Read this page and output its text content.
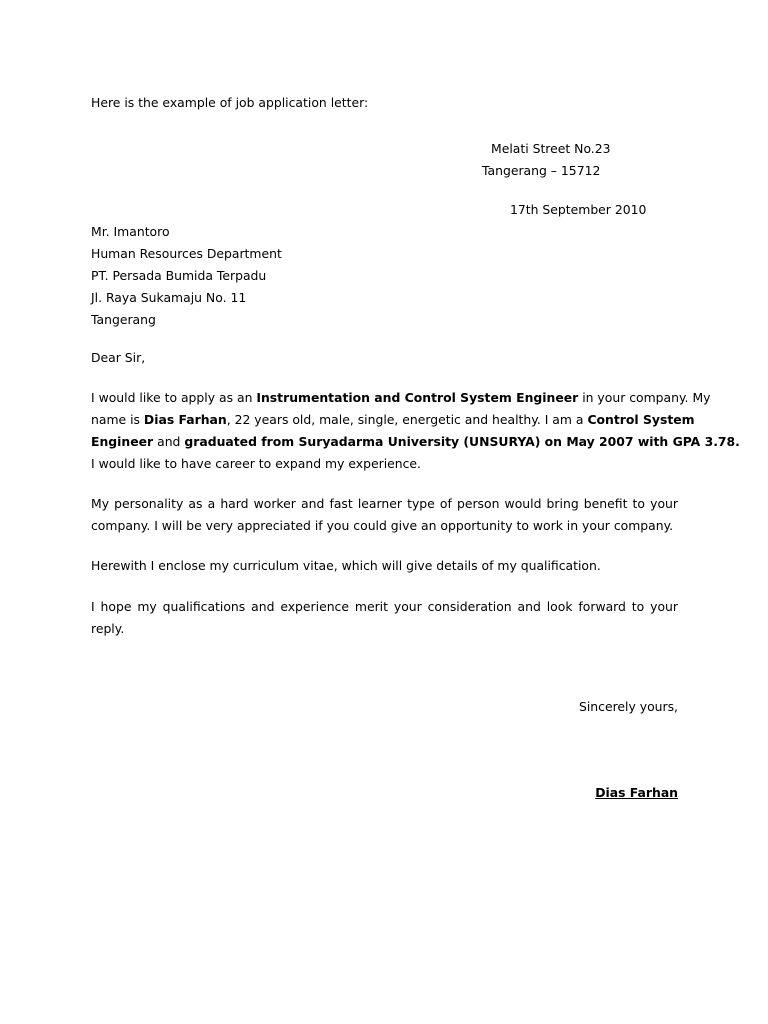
Here is the example of job application letter:
Melati Street No.23
Tangerang – 15712
17th September 2010
Mr. Imantoro
Human Resources Department
PT. Persada Bumida Terpadu
Jl. Raya Sukamaju No. 11
Tangerang
Dear Sir,
I would like to apply as an Instrumentation and Control System Engineer in your company. My
name is Dias Farhan, 22 years old, male, single, energetic and healthy. I am a Control System
Engineer and graduated from Suryadarma University (UNSURYA) on May 2007 with GPA 3.78.
I would like to have career to expand my experience.
My personality as a hard worker and fast learner type of person would bring benefit to your
company. I will be very appreciated if you could give an opportunity to work in your company.
Herewith I enclose my curriculum vitae, which will give details of my qualification.
I hope my qualifications and experience merit your consideration and look forward to your
reply.
Sincerely yours,
Dias Farhan
